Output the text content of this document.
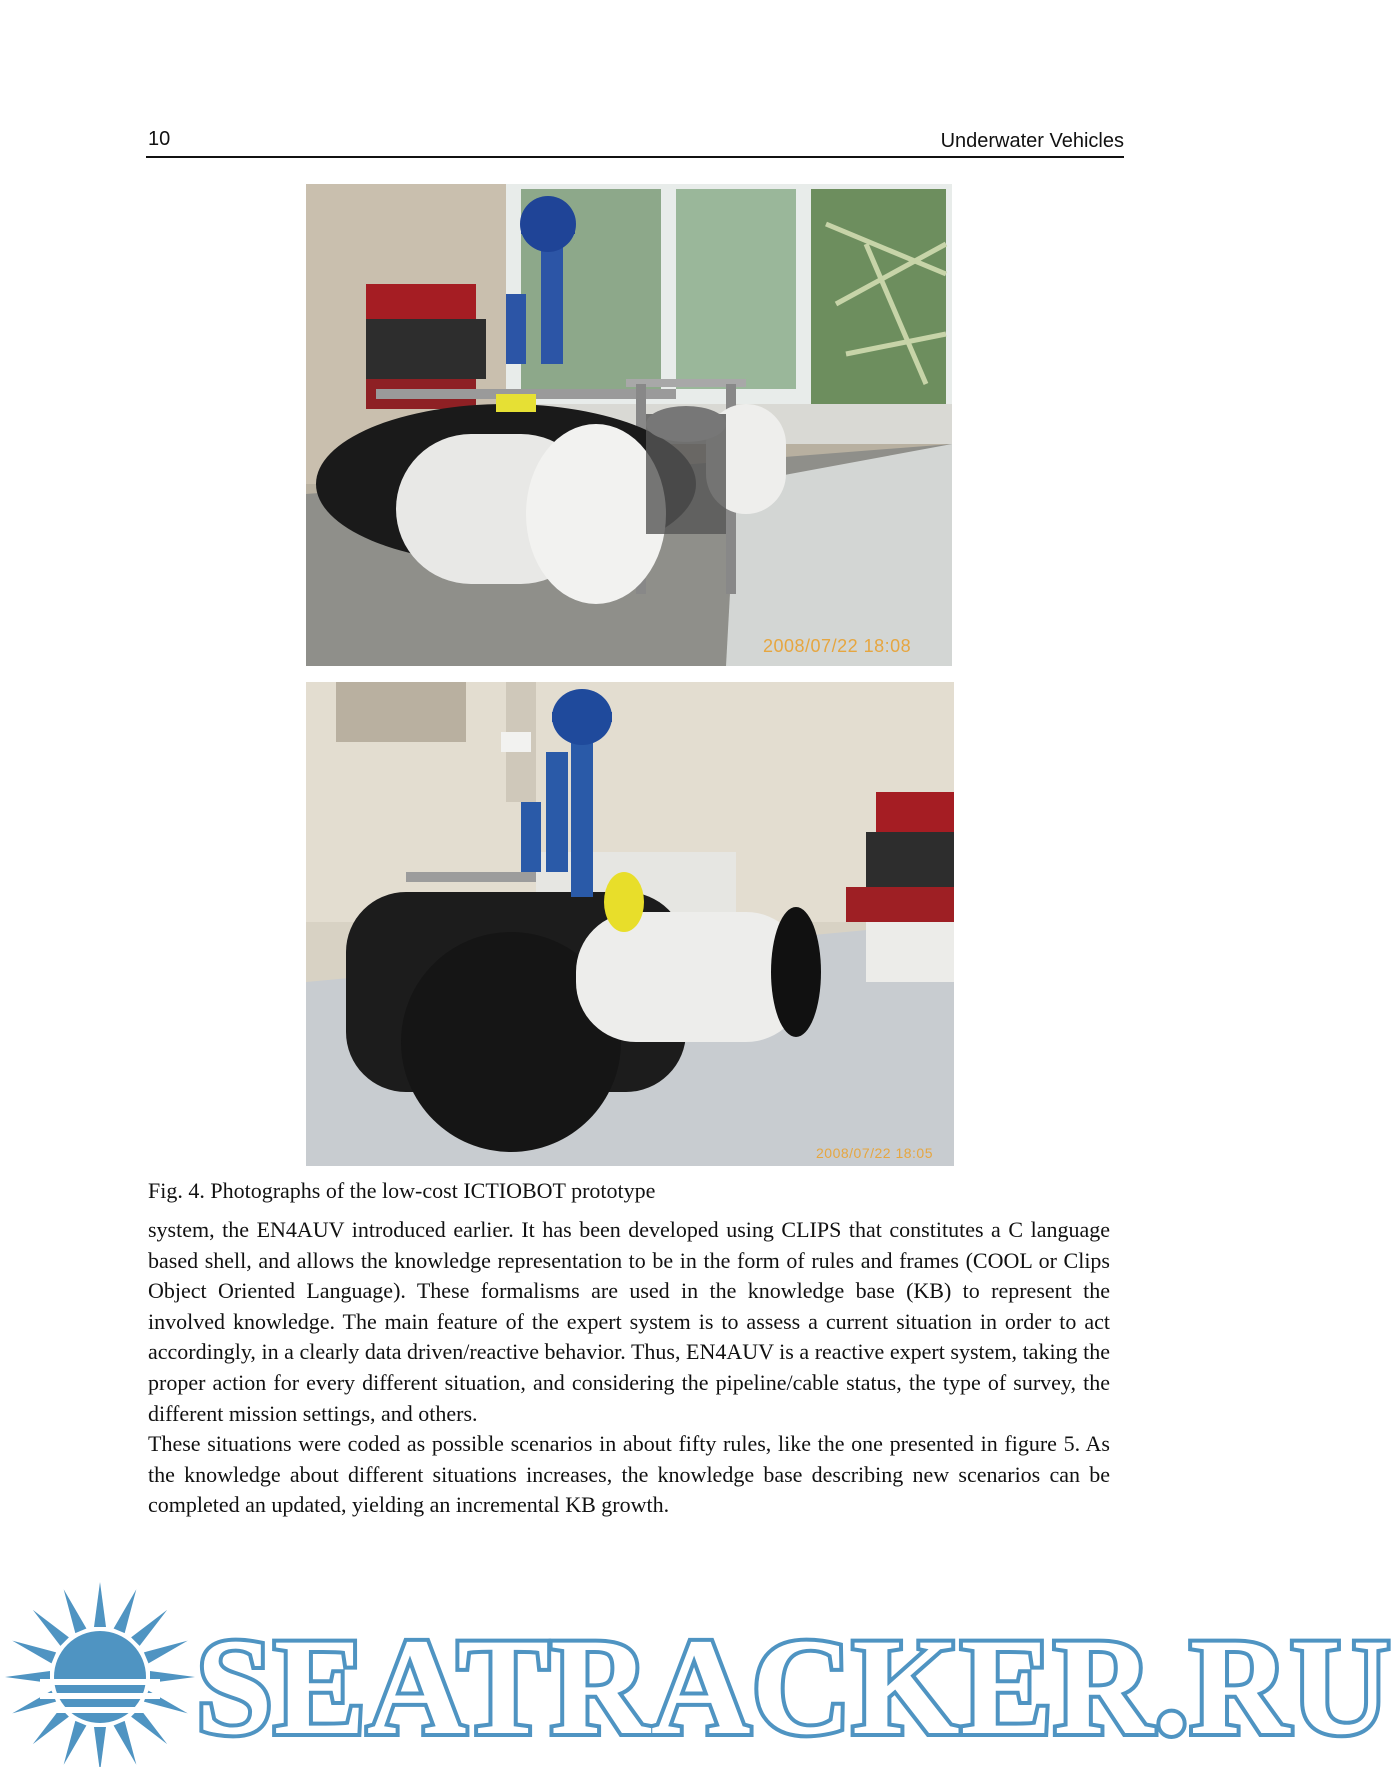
10	Underwater Vehicles
2008/07/22 18:08
2008/07/22 18:05
Fig. 4. Photographs of the low-cost ICTIOBOT prototype

system, the EN4AUV introduced earlier. It has been developed using CLIPS that constitutes a C language based shell, and allows the knowledge representation to be in the form of rules and frames (COOL or Clips Object Oriented Language). These formalisms are used in the knowledge base (KB) to represent the involved knowledge. The main feature of the expert system is to assess a current situation in order to act accordingly, in a clearly data driven/reactive behavior. Thus, EN4AUV is a reactive expert system, taking the proper action for every different situation, and considering the pipeline/cable status, the type of survey, the different mission settings, and others.

These situations were coded as possible scenarios in about fifty rules, like the one presented in figure 5. As the knowledge about different situations increases, the knowledge base describing new scenarios can be completed an updated, yielding an incremental KB growth.

SEATRACKER.RU
